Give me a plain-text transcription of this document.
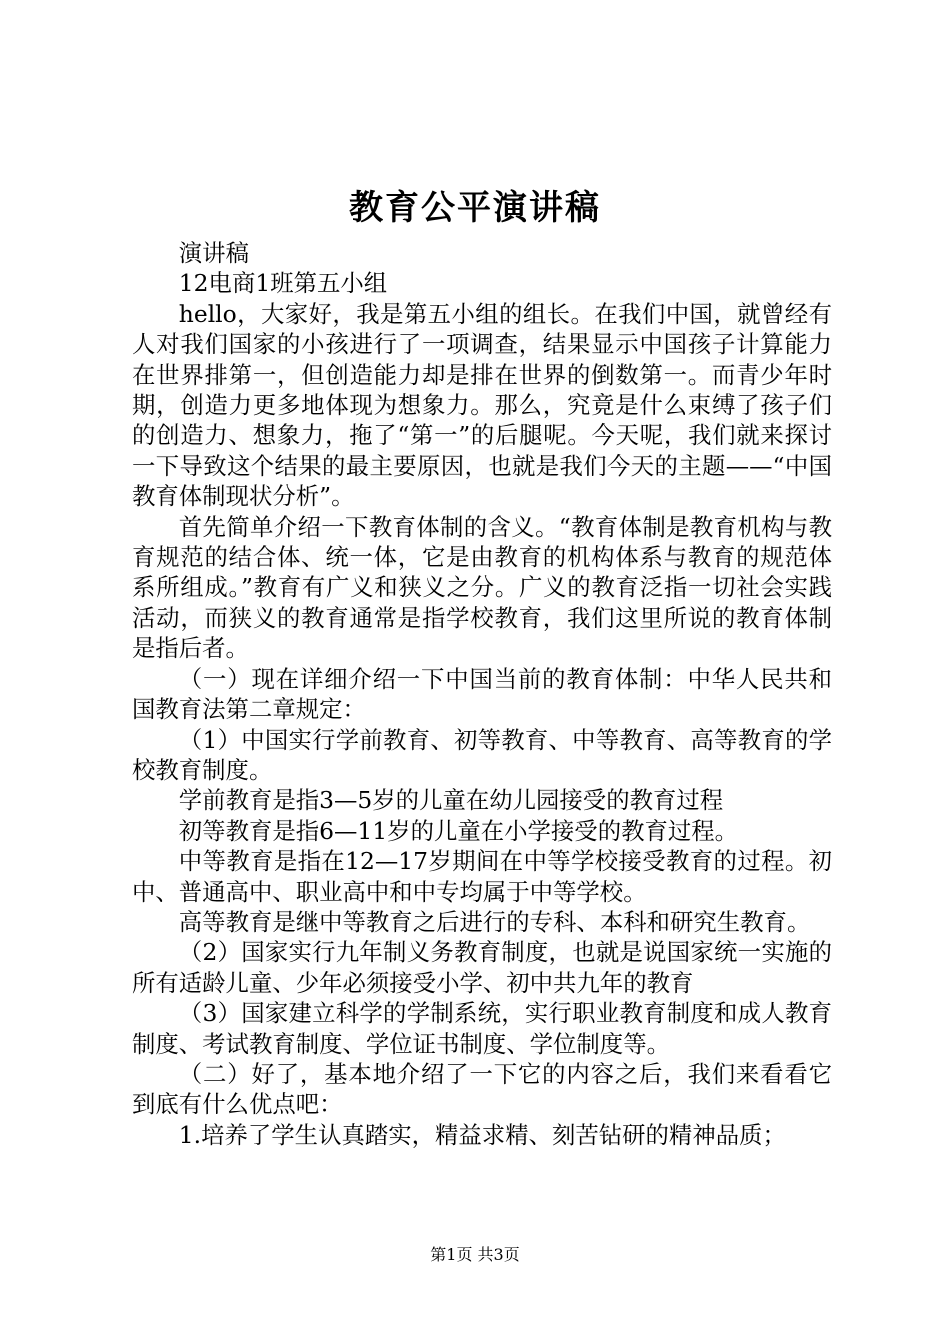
教育公平演讲稿

演讲稿

12电商1班第五小组

hello，大家好，我是第五小组的组长。在我们中国，就曾经有人对我们国家的小孩进行了一项调查，结果显示中国孩子计算能力在世界排第一，但创造能力却是排在世界的倒数第一。而青少年时期，创造力更多地体现为想象力。那么，究竟是什么束缚了孩子们的创造力、想象力，拖了“第一”的后腿呢。今天呢，我们就来探讨一下导致这个结果的最主要原因，也就是我们今天的主题——“中国教育体制现状分析”。

首先简单介绍一下教育体制的含义。“教育体制是教育机构与教育规范的结合体、统一体，它是由教育的机构体系与教育的规范体系所组成。”教育有广义和狭义之分。广义的教育泛指一切社会实践活动，而狭义的教育通常是指学校教育，我们这里所说的教育体制是指后者。

（一）现在详细介绍一下中国当前的教育体制：中华人民共和国教育法第二章规定：

（1）中国实行学前教育、初等教育、中等教育、高等教育的学校教育制度。

学前教育是指3—5岁的儿童在幼儿园接受的教育过程

初等教育是指6—11岁的儿童在小学接受的教育过程。

中等教育是指在12—17岁期间在中等学校接受教育的过程。初中、普通高中、职业高中和中专均属于中等学校。

高等教育是继中等教育之后进行的专科、本科和研究生教育。

（2）国家实行九年制义务教育制度，也就是说国家统一实施的所有适龄儿童、少年必须接受小学、初中共九年的教育

（3）国家建立科学的学制系统，实行职业教育制度和成人教育制度、考试教育制度、学位证书制度、学位制度等。

（二）好了，基本地介绍了一下它的内容之后，我们来看看它到底有什么优点吧：

1.培养了学生认真踏实，精益求精、刻苦钻研的精神品质；

第1页 共3页
